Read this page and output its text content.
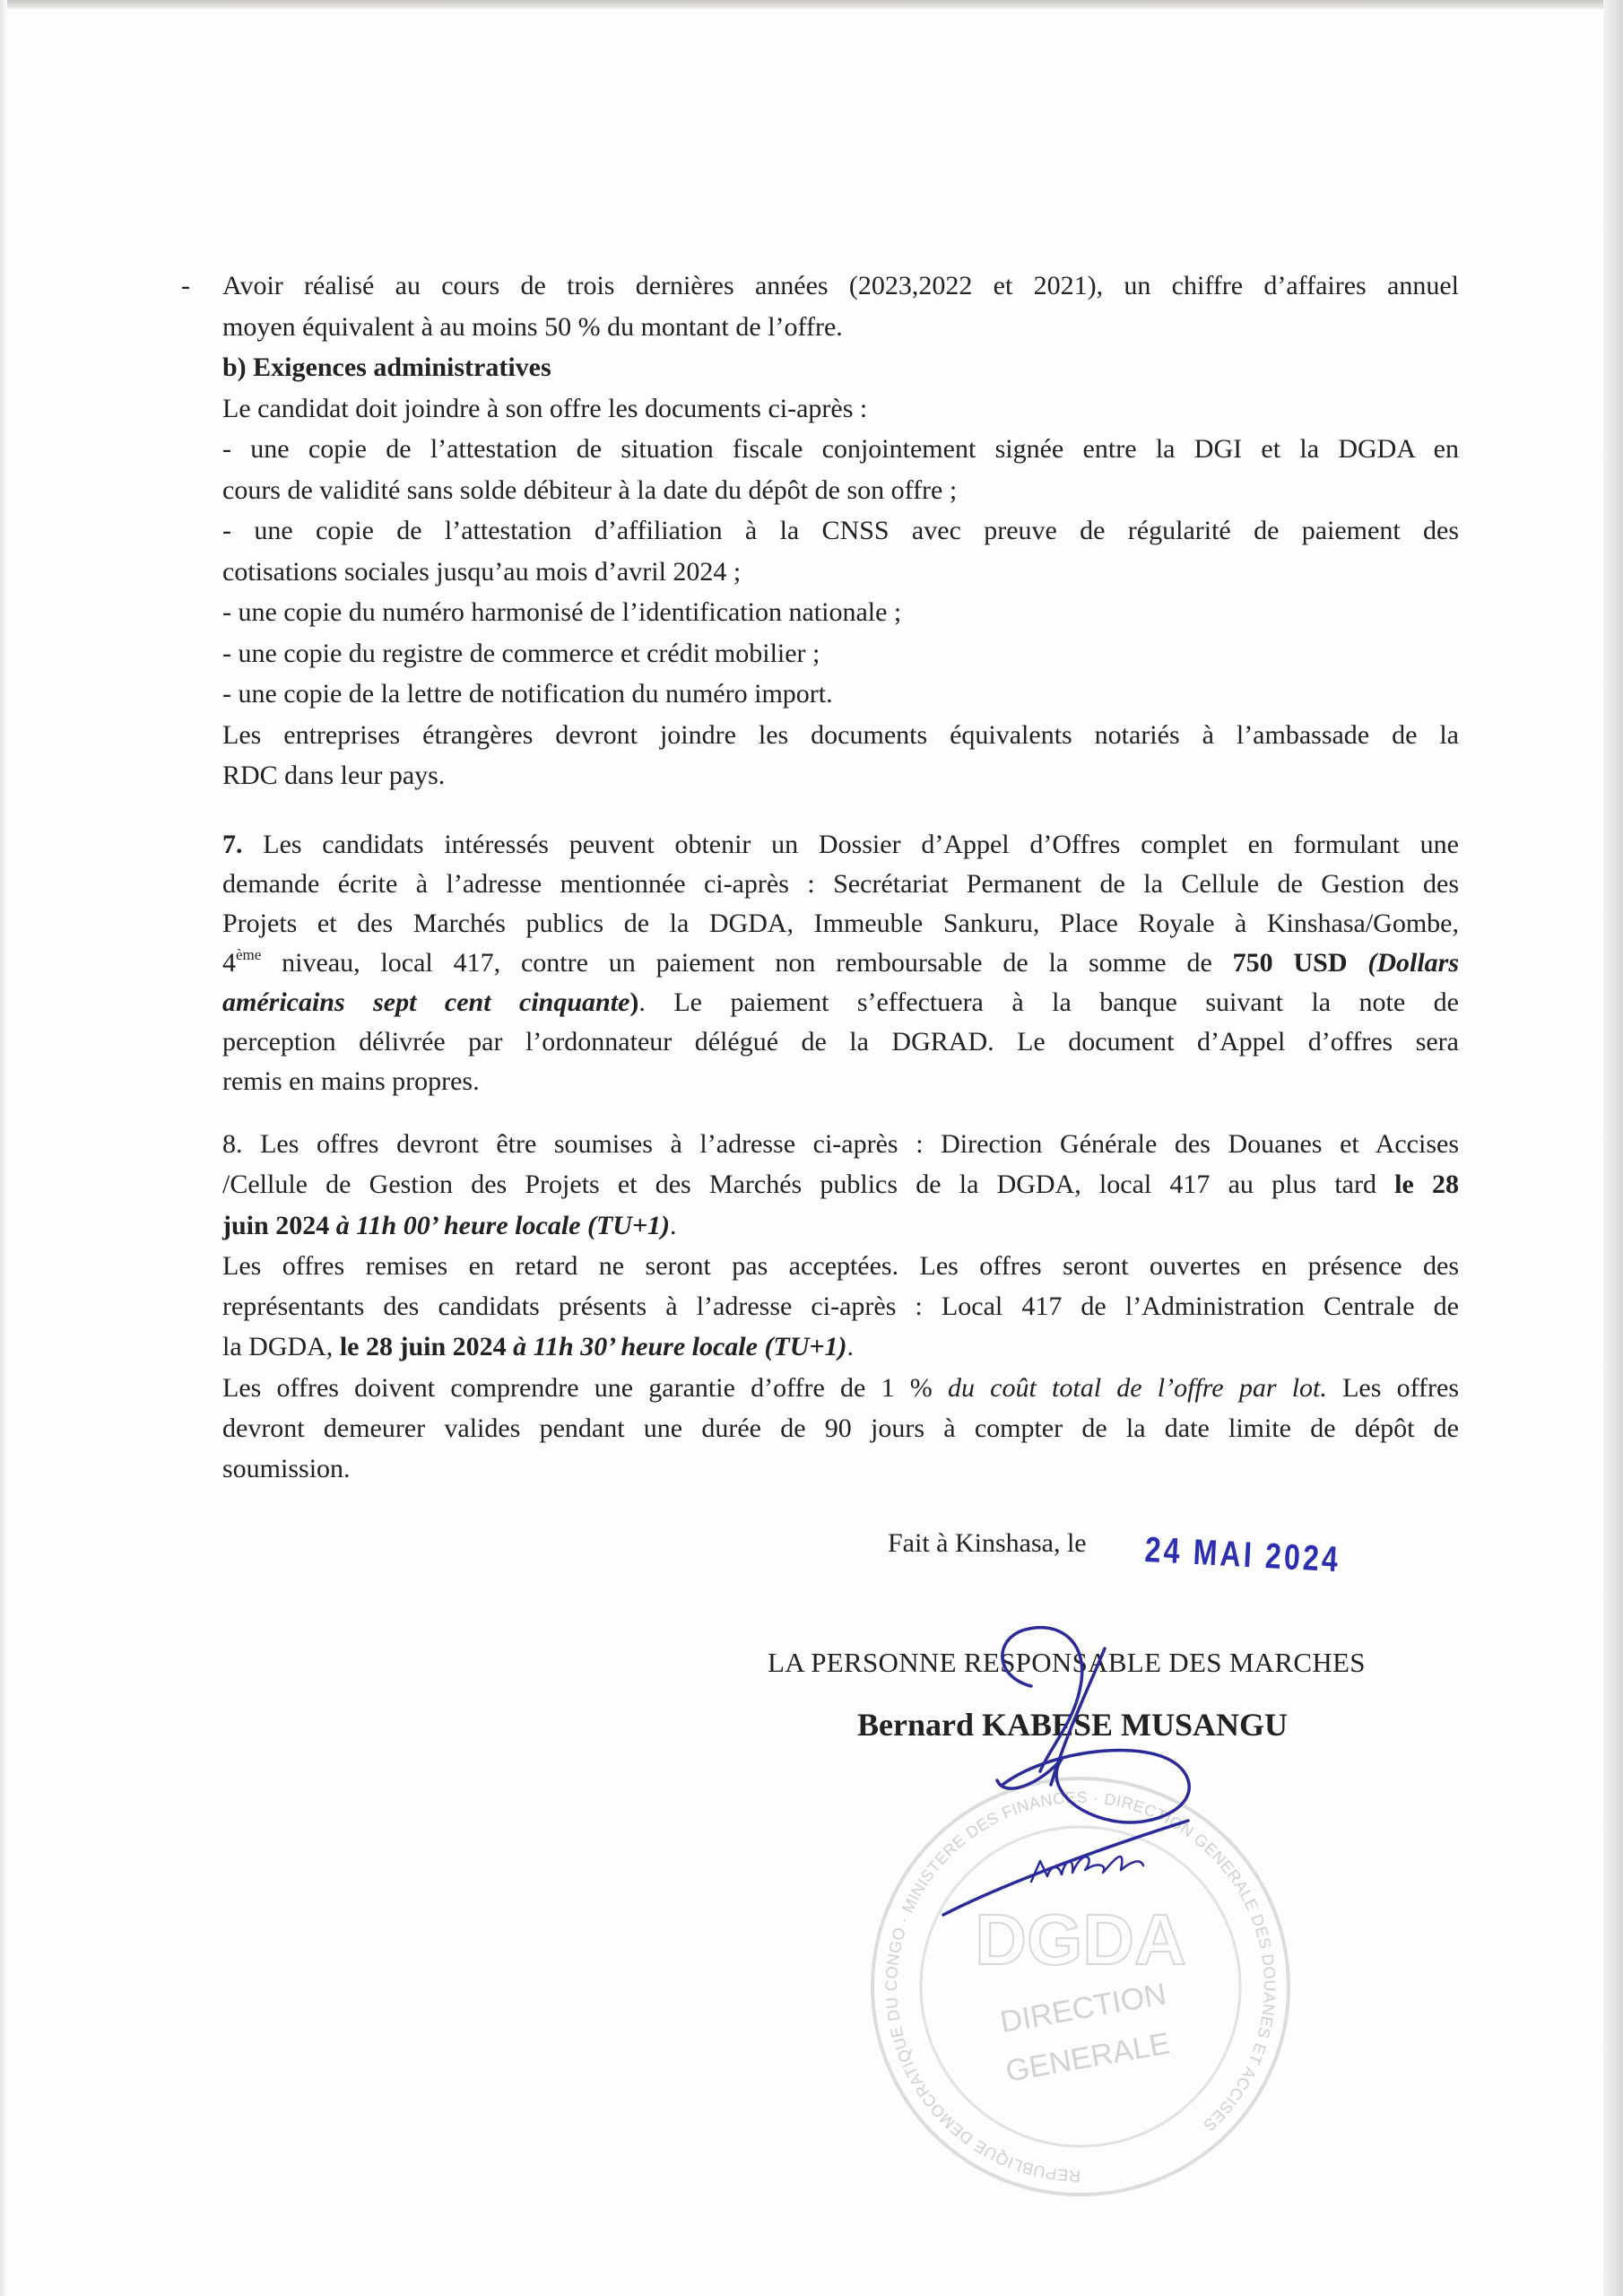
REPUBLIQUE DEMOCRATIQUE DU CONGO · MINISTERE DES FINANCES · DIRECTION GENERALE DES DOUANES ET ACCISES
DGDA
DIRECTION
GENERALE
- Avoir réalisé au cours de trois dernières années (2023,2022 et 2021), un chiffre d’affaires annuel
moyen équivalent à au moins 50 % du montant de l’offre.
b) Exigences administratives
Le candidat doit joindre à son offre les documents ci-après :
- une copie de l’attestation de situation fiscale conjointement signée entre la DGI et la DGDA en
cours de validité sans solde débiteur à la date du dépôt de son offre ;
- une copie de l’attestation d’affiliation à la CNSS avec preuve de régularité de paiement des
cotisations sociales jusqu’au mois d’avril 2024 ;
- une copie du numéro harmonisé de l’identification nationale ;
- une copie du registre de commerce et crédit mobilier ;
- une copie de la lettre de notification du numéro import.
Les entreprises étrangères devront joindre les documents équivalents notariés à l’ambassade de la
RDC dans leur pays.
7. Les candidats intéressés peuvent obtenir un Dossier d’Appel d’Offres complet en formulant une
demande écrite à l’adresse mentionnée ci-après : Secrétariat Permanent de la Cellule de Gestion des
Projets et des Marchés publics de la DGDA, Immeuble Sankuru, Place Royale à Kinshasa/Gombe,
4ème niveau, local 417, contre un paiement non remboursable de la somme de 750 USD (Dollars
américains sept cent cinquante). Le paiement s’effectuera à la banque suivant la note de
perception délivrée par l’ordonnateur délégué de la DGRAD. Le document d’Appel d’offres sera
remis en mains propres.
8. Les offres devront être soumises à l’adresse ci-après : Direction Générale des Douanes et Accises
/Cellule de Gestion des Projets et des Marchés publics de la DGDA, local 417 au plus tard le 28
juin 2024 à 11h 00’ heure locale (TU+1).
Les offres remises en retard ne seront pas acceptées. Les offres seront ouvertes en présence des
représentants des candidats présents à l’adresse ci-après : Local 417 de l’Administration Centrale de
la DGDA, le 28 juin 2024 à 11h 30’ heure locale (TU+1).
Les offres doivent comprendre une garantie d’offre de 1 % du coût total de l’offre par lot. Les offres
devront demeurer valides pendant une durée de 90 jours à compter de la date limite de dépôt de
soumission.
Fait à Kinshasa, le 24 MAI 2024
LA PERSONNE RESPONSABLE DES MARCHES
Bernard KABESE MUSANGU
